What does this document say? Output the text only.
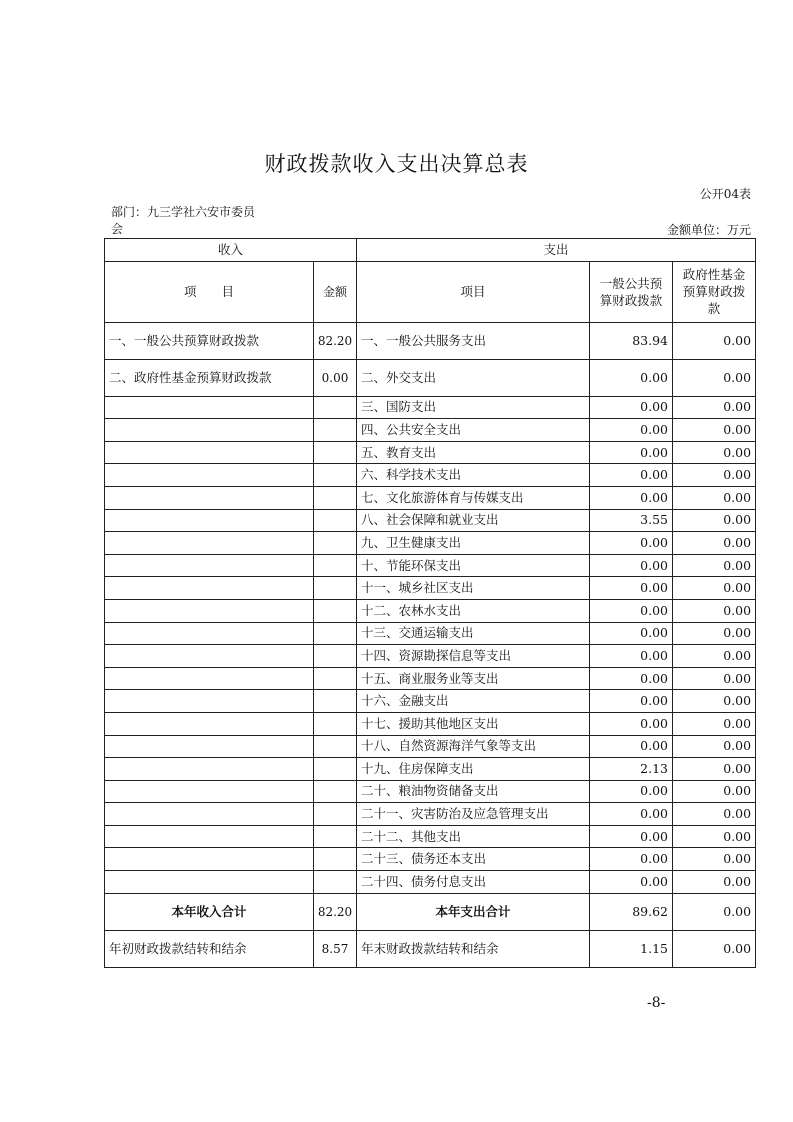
财政拨款收入支出决算总表
公开04表
部门：九三学社六安市委员
会	金额单位：万元
收入		支出		
项　　目	金额	项目	一般公共预算财政拨款	政府性基金预算财政拨款
一、一般公共预算财政拨款	82.20	一、一般公共服务支出	83.94	0.00
二、政府性基金预算财政拨款	0.00	二、外交支出	0.00	0.00
		三、国防支出	0.00	0.00
		四、公共安全支出	0.00	0.00
		五、教育支出	0.00	0.00
		六、科学技术支出	0.00	0.00
		七、文化旅游体育与传媒支出	0.00	0.00
		八、社会保障和就业支出	3.55	0.00
		九、卫生健康支出	0.00	0.00
		十、节能环保支出	0.00	0.00
		十一、城乡社区支出	0.00	0.00
		十二、农林水支出	0.00	0.00
		十三、交通运输支出	0.00	0.00
		十四、资源勘探信息等支出	0.00	0.00
		十五、商业服务业等支出	0.00	0.00
		十六、金融支出	0.00	0.00
		十七、援助其他地区支出	0.00	0.00
		十八、自然资源海洋气象等支出	0.00	0.00
		十九、住房保障支出	2.13	0.00
		二十、粮油物资储备支出	0.00	0.00
		二十一、灾害防治及应急管理支出	0.00	0.00
		二十二、其他支出	0.00	0.00
		二十三、债务还本支出	0.00	0.00
		二十四、债务付息支出	0.00	0.00
本年收入合计	82.20	本年支出合计	89.62	0.00
年初财政拨款结转和结余	8.57	年末财政拨款结转和结余	1.15	0.00
-8-
